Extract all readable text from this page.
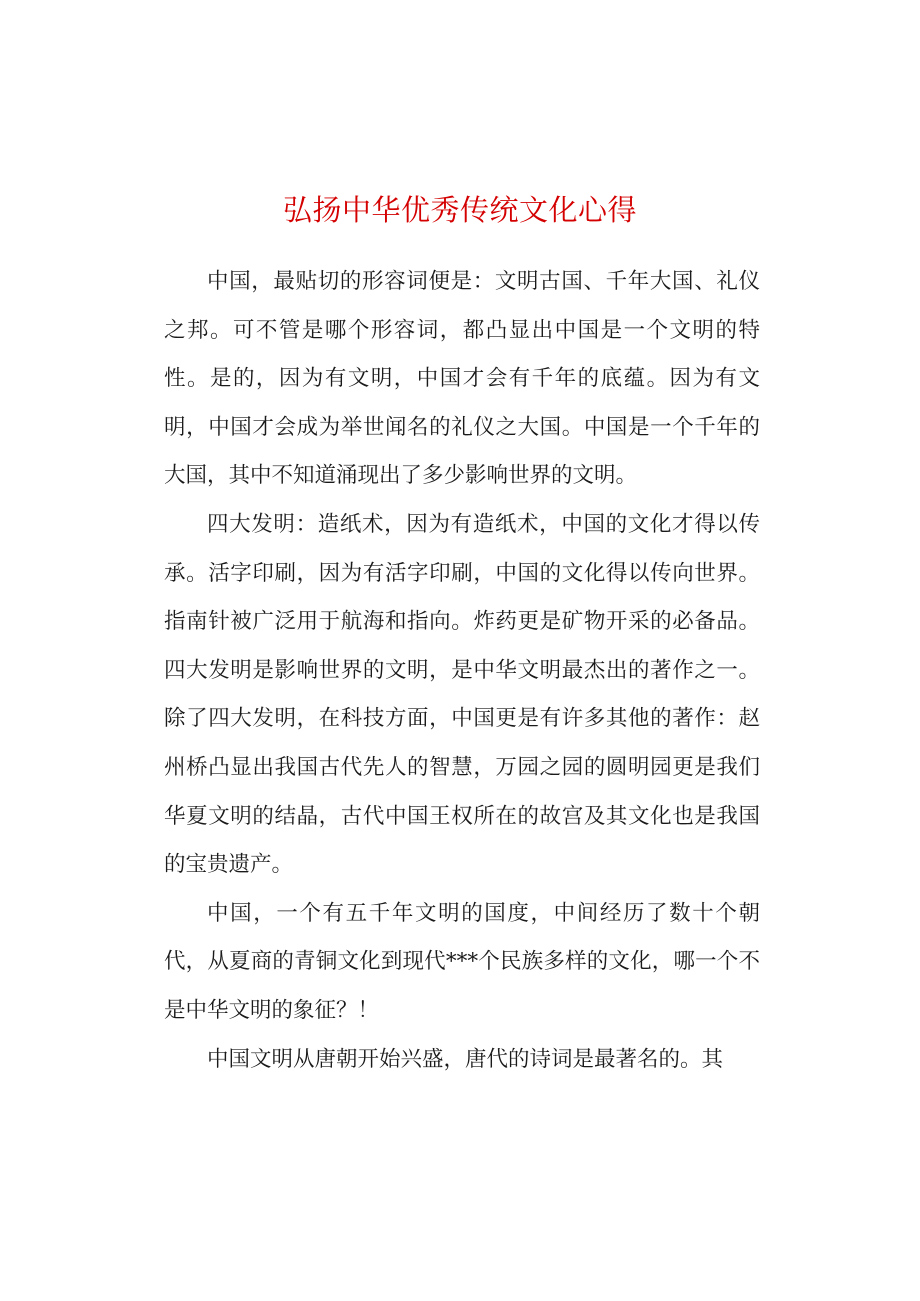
弘扬中华优秀传统文化心得

中国，最贴切的形容词便是：文明古国、千年大国、礼仪之邦。可不管是哪个形容词，都凸显出中国是一个文明的特性。是的，因为有文明，中国才会有千年的底蕴。因为有文明，中国才会成为举世闻名的礼仪之大国。中国是一个千年的大国，其中不知道涌现出了多少影响世界的文明。

四大发明：造纸术，因为有造纸术，中国的文化才得以传承。活字印刷，因为有活字印刷，中国的文化得以传向世界。指南针被广泛用于航海和指向。炸药更是矿物开采的必备品。四大发明是影响世界的文明，是中华文明最杰出的著作之一。除了四大发明，在科技方面，中国更是有许多其他的著作：赵州桥凸显出我国古代先人的智慧，万园之园的圆明园更是我们华夏文明的结晶，古代中国王权所在的故宫及其文化也是我国的宝贵遗产。

中国，一个有五千年文明的国度，中间经历了数十个朝代，从夏商的青铜文化到现代***个民族多样的文化，哪一个不是中华文明的象征？！

中国文明从唐朝开始兴盛，唐代的诗词是最著名的。其
